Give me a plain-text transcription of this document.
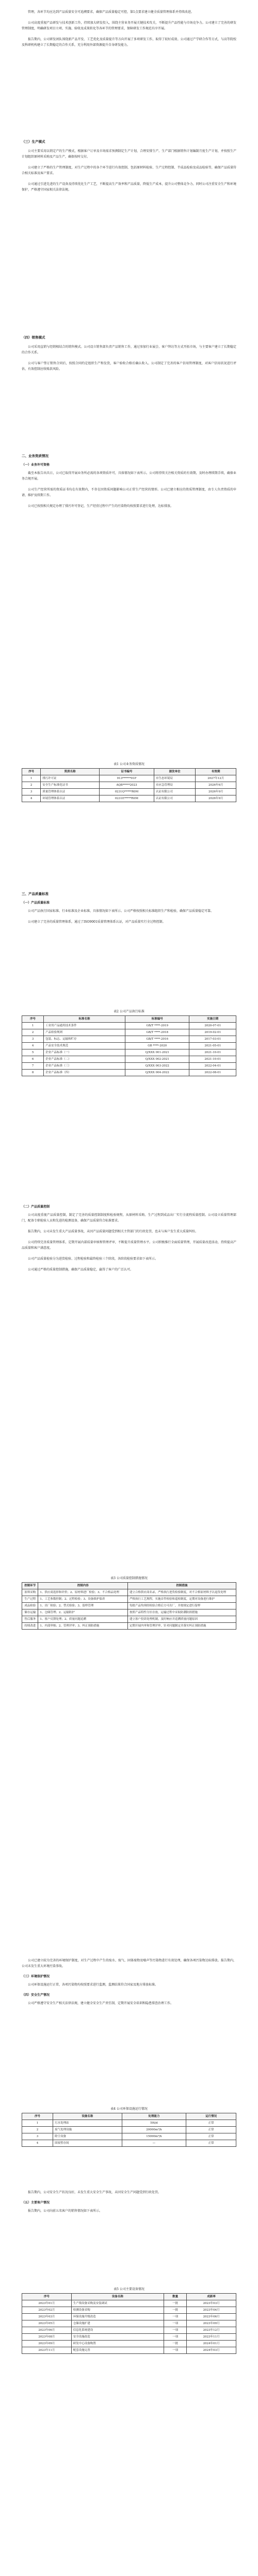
管理，各环节均应达到产品质量安全可追溯要求，确保产品质量稳定可控，第1点要求建立健全质量管理体系并持续改进。

公司高度重视产品研发与技术创新工作，持续加大研发投入，围绕主营业务开展关键技术攻关，不断提升产品性能与市场竞争力。公司建立了完善的研发管理制度，明确研发项目立项、实施、验收及成果转化等各环节的管理要求，保障研发工作规范有序开展。

报告期内，公司研发团队围绕新产品开发、工艺优化及质量提升等方向开展了多项研发工作，取得了较好成效。公司通过产学研合作等方式，与高等院校及科研机构建立了长期稳定的合作关系，充分利用外部资源提升自身研发能力。

（三）生产模式

公司主要采用以销定产的生产模式，根据客户订单及市场需求预测制定生产计划，合理安排生产。生产部门根据销售计划编制月度生产计划，并按照生产计划组织原材料采购及产品生产，确保按时交付。

公司建立了严格的生产管理制度，对生产过程中的各个环节进行有效控制，包括原材料检验、生产过程控制、半成品检验及成品检验等，确保产品质量符合相关标准及客户要求。

公司通过引进先进的生产设备及持续优化生产工艺，不断提高生产效率和产品质量，降低生产成本，提升公司整体竞争力。同时公司注重安全生产和环境保护，严格遵守国家相关法律法规。

（四）销售模式

公司采用直销与经销相结合的销售模式。公司设立销售部负责产品销售工作，通过参加行业展会、客户拜访等方式开拓市场，与主要客户建立了长期稳定的合作关系。

公司与客户签订销售合同后，按照合同约定组织生产和发货，客户验收合格后确认收入。公司制定了完善的客户信用管理制度，对客户信用状况进行评估，有效控制应收账款风险。

二、业务资质情况
（一）业务许可资格

截至本报告出具日，公司已取得开展业务所必需的各项资质许可，具体情况如下表所示。公司将持续关注相关资质的有效期，及时办理续期手续，确保业务合规开展。

公司生产经营所需的资质证书均在有效期内，不存在因资质问题影响公司正常生产经营的情形。公司已建立相应的资质管理制度，由专人负责资质的申请、维护及续期工作。

公司已按照相关规定办理了排污许可登记，生产经营过程中产生的污染物均按照要求进行处理，达标排放。

表1 公司业务资质情况
序号	资质名称	证书编号	颁发单位	有效期
1	排污许可证	913******01P	市生态环境局	2027年12月
2	安全生产标准化证书	AQB*****2023	市应急管理局	2026年6月
3	质量管理体系认证	0231Q*****R0M	认证有限公司	2026年9月
4	环境管理体系认证	0231E*****R0M	认证有限公司	2026年9月
三、产品质量标准
（一）产品质量标准

公司产品执行国家标准、行业标准及企业标准，具体情况如下表所示。公司严格按照相关标准组织生产和检验，确保产品质量稳定可靠。

公司建立了完善的质量管理体系，通过了ISO9001质量管理体系认证，对产品质量实行全过程控制。

表2 公司产品执行标准
序号	标准名称	标准编号	实施日期
1	工业用产品通用技术条件	GB/T ****-2019	2020-07-01
2	产品检验规则	GB/T ****-2018	2019-02-01
3	包装、标志、运输和贮存	GB/T ****-2016	2017-03-01
4	产品安全技术规范	GB ****-2020	2021-05-01
5	企业产品标准（一）	Q/XXX 001-2021	2021-10-01
6	企业产品标准（二）	Q/XXX 002-2021	2021-10-01
7	企业产品标准（三）	Q/XXX 003-2022	2022-04-01
8	企业产品标准（四）	Q/XXX 004-2022	2022-08-01
（二）产品质量控制

公司高度重视产品质量控制，制定了完善的质量控制制度和检验规程，从原材料采购、生产过程到成品出厂实行全流程质量控制。公司设立质量管理部门，配备专职检验人员和先进的检测设备，确保产品质量符合标准要求。

报告期内，公司未发生重大产品质量事故，未因产品质量问题受到相关主管部门的行政处罚，也未与客户发生重大质量纠纷。

公司持续完善质量管理体系，定期开展内部质量审核和管理评审，不断提升质量管理水平。公司积极推行全面质量管理，开展质量改进活动，持续提高产品质量和客户满意度。

公司产品质量检验分为进货检验、过程检验和最终检验三个阶段，各阶段检验要求如下表所示。

公司通过严格的质量控制措施，确保产品质量稳定，赢得了客户的广泛认可。

表3 公司质量控制措施情况
控制环节	控制内容	控制措施
原料采购	1、供应商选择和评价；2、原材料进厂检验；3、不合格品处理	建立合格供应商名录，严格执行进货检验制度，对不合格原材料予以退货处理
生产过程	1、工艺参数控制；2、过程检验；3、设备维护保养	严格执行工艺规程，实施首件检验和巡检制度，定期对设备进行维护
成品检验	1、出厂检验；2、型式检验；3、留样管理	每批产品均须经检验合格后方可出厂，并按规定进行留样
储存运输	1、仓储管理；2、运输防护	按照产品特性分区存放，运输过程中采取防潮防损措施
售后服务	1、客户反馈处理；2、质量问题追溯	建立客户投诉处理机制，及时响应并追溯质量问题原因
持续改进	1、内部审核；2、管理评审；3、纠正预防措施	定期开展内审和管理评审，针对问题制定并落实纠正预防措施

公司已建立较为完善的环境保护制度，对生产过程中产生的废水、废气、固体废物及噪声等污染物进行有效处理，确保各项污染物达标排放。报告期内，公司未发生重大环境污染事故。

（三）环境保护情况

公司环保设施运行正常，各项污染物均按照要求进行监测，监测结果符合国家及地方排放标准。

（四）安全生产情况

公司严格遵守安全生产相关法律法规，建立健全安全生产责任制，定期开展安全培训和隐患排查治理工作。

表4 公司环保设施运行情况
序号	设施名称	处理能力	运行情况
1	污水处理站	50t/d	正常
2	废气处理设施	20000m³/h	正常
3	除尘设备	15000m³/h	正常
4	固废暂存间	—	正常

报告期内，公司安全生产状况良好，未发生重大安全生产事故，未因安全生产问题受到行政处罚。

（五）主要客户情况

报告期内，公司向前五名客户的销售情况如下表所示。

表5 公司主要设备情况
序号	设备名称	数量	成新率
2023年01月	生产线设备采购及安装调试	一批	2023年03月
2023年02月	检测设备采购	一批	2023年04月
2023年03月	环保设施升级改造	一项	2023年06月
2023年05月	仓储设施扩建	一项	2023年09月
2023年06月	信息化系统建设	一项	2023年12月
2023年08月	安全设施改造	一项	2023年11月
2023年09月	研发中心设备购置	一批	2024年01月
2023年11月	配套设施完善	一项	2024年03月
